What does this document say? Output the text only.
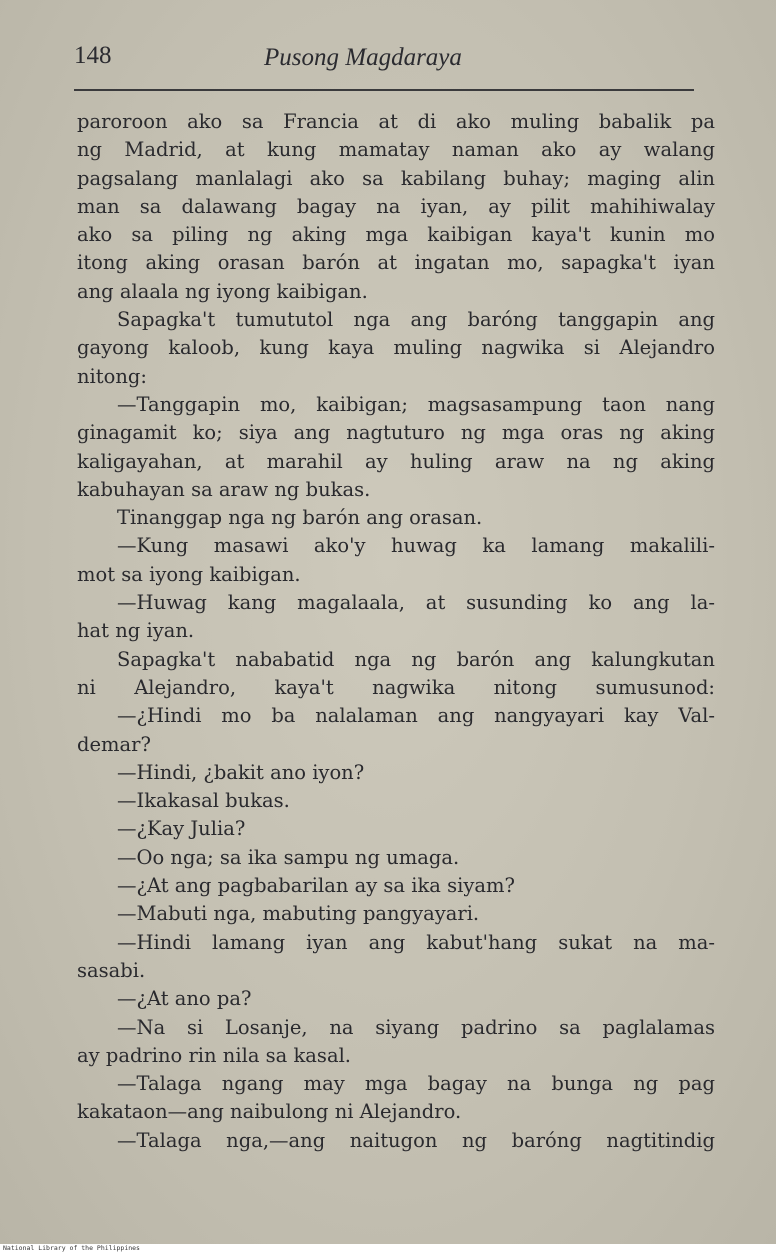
148	Pusong Magdaraya

paroroon ako sa Francia at di ako muling babalik pa

ng Madrid, at kung mamatay naman ako ay walang

pagsalang manlalagi ako sa kabilang buhay; maging alin

man sa dalawang bagay na iyan, ay pilit mahihiwalay

ako sa piling ng aking mga kaibigan kaya't kunin mo

itong aking orasan barón at ingatan mo, sapagka't iyan

ang alaala ng iyong kaibigan.

Sapagka't tumututol nga ang baróng tanggapin ang

gayong kaloob, kung kaya muling nagwika si Alejandro

nitong:

—Tanggapin mo, kaibigan; magsasampung taon nang

ginagamit ko; siya ang nagtuturo ng mga oras ng aking

kaligayahan, at marahil ay huling araw na ng aking

kabuhayan sa araw ng bukas.

Tinanggap nga ng barón ang orasan.

—Kung masawi ako'y huwag ka lamang makalili-

mot sa iyong kaibigan.

—Huwag kang magalaala, at susunding ko ang la-

hat ng iyan.

Sapagka't nababatid nga ng barón ang kalungkutan

ni Alejandro, kaya't nagwika nitong sumusunod:

—¿Hindi mo ba nalalaman ang nangyayari kay Val-

demar?

—Hindi, ¿bakit ano iyon?

—Ikakasal bukas.

—¿Kay Julia?

—Oo nga; sa ika sampu ng umaga.

—¿At ang pagbabarilan ay sa ika siyam?

—Mabuti nga, mabuting pangyayari.

—Hindi lamang iyan ang kabut'hang sukat na ma-

sasabi.

—¿At ano pa?

—Na si Losanje, na siyang padrino sa paglalamas

ay padrino rin nila sa kasal.

—Talaga ngang may mga bagay na bunga ng pag

kakataon—ang naibulong ni Alejandro.

—Talaga nga,—ang naitugon ng baróng nagtitindig

National Library of the Philippines
